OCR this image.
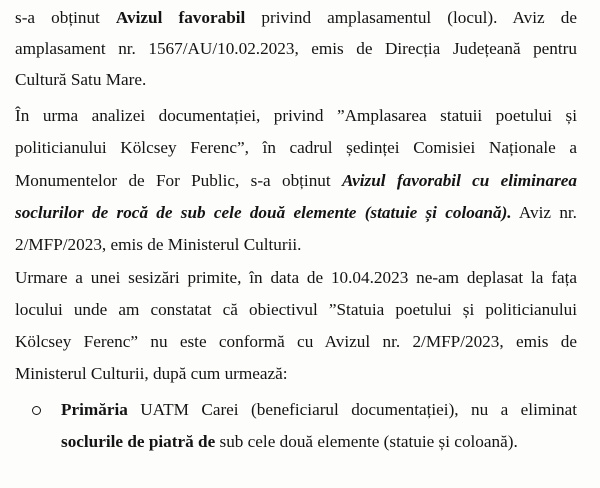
s-a obținut Avizul favorabil privind amplasamentul (locul). Aviz de
amplasament nr. 1567/AU/10.02.2023, emis de Direcția Județeană pentru
Cultură Satu Mare.
În urma analizei documentației, privind ”Amplasarea statuii poetului și
politicianului Kölcsey Ferenc”, în cadrul ședinței Comisiei Naționale a
Monumentelor de For Public, s-a obținut Avizul favorabil cu eliminarea
soclurilor de rocă de sub cele două elemente (statuie și coloană). Aviz nr.
2/MFP/2023, emis de Ministerul Culturii.
Urmare a unei sesizări primite, în data de 10.04.2023 ne-am deplasat la fața
locului unde am constatat că obiectivul ”Statuia poetului și politicianului
Kölcsey Ferenc” nu este conformă cu Avizul nr. 2/MFP/2023, emis de
Ministerul Culturii, după cum urmează:
Primăria UATM Carei (beneficiarul documentației), nu a eliminat
soclurile de piatră de sub cele două elemente (statuie și coloană).
